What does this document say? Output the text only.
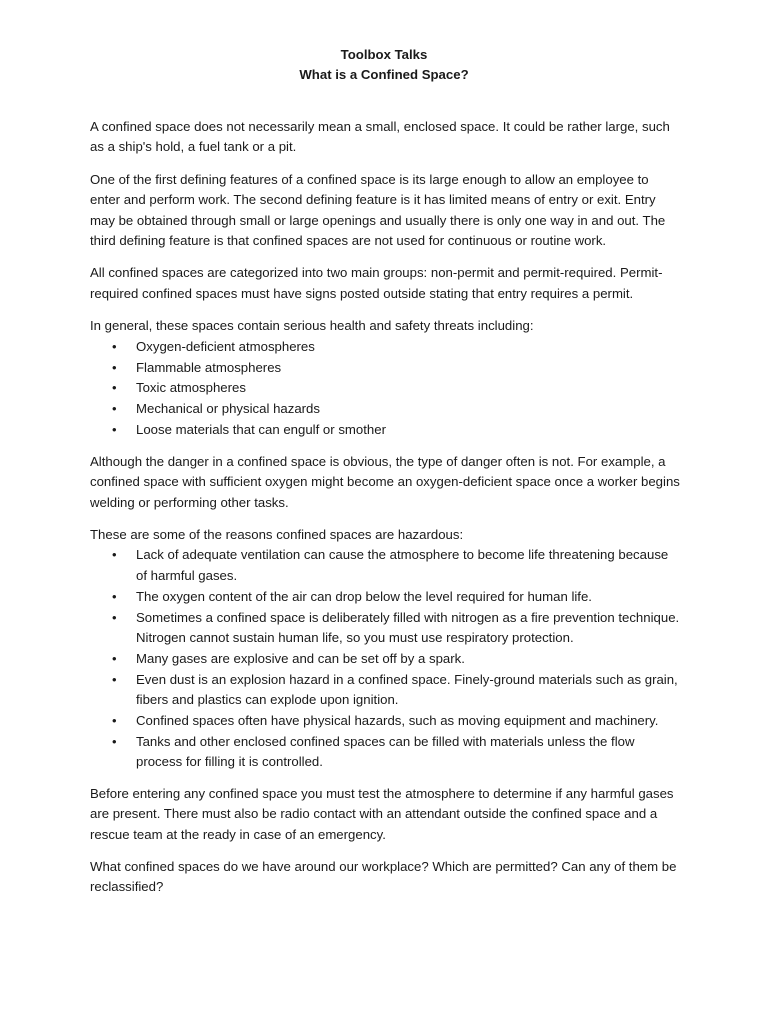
Toolbox Talks
What is a Confined Space?

A confined space does not necessarily mean a small, enclosed space. It could be rather large, such as a ship's hold, a fuel tank or a pit.

One of the first defining features of a confined space is its large enough to allow an employee to enter and perform work. The second defining feature is it has limited means of entry or exit. Entry may be obtained through small or large openings and usually there is only one way in and out. The third defining feature is that confined spaces are not used for continuous or routine work.

All confined spaces are categorized into two main groups: non-permit and permit-required. Permit-required confined spaces must have signs posted outside stating that entry requires a permit.

In general, these spaces contain serious health and safety threats including:

• Oxygen-deficient atmospheres
• Flammable atmospheres
• Toxic atmospheres
• Mechanical or physical hazards
• Loose materials that can engulf or smother

Although the danger in a confined space is obvious, the type of danger often is not. For example, a confined space with sufficient oxygen might become an oxygen-deficient space once a worker begins welding or performing other tasks.

These are some of the reasons confined spaces are hazardous:

• Lack of adequate ventilation can cause the atmosphere to become life threatening because of harmful gases.
• The oxygen content of the air can drop below the level required for human life.
• Sometimes a confined space is deliberately filled with nitrogen as a fire prevention technique. Nitrogen cannot sustain human life, so you must use respiratory protection.
• Many gases are explosive and can be set off by a spark.
• Even dust is an explosion hazard in a confined space. Finely-ground materials such as grain, fibers and plastics can explode upon ignition.
• Confined spaces often have physical hazards, such as moving equipment and machinery.
• Tanks and other enclosed confined spaces can be filled with materials unless the flow process for filling it is controlled.

Before entering any confined space you must test the atmosphere to determine if any harmful gases are present. There must also be radio contact with an attendant outside the confined space and a rescue team at the ready in case of an emergency.

What confined spaces do we have around our workplace? Which are permitted? Can any of them be reclassified?
